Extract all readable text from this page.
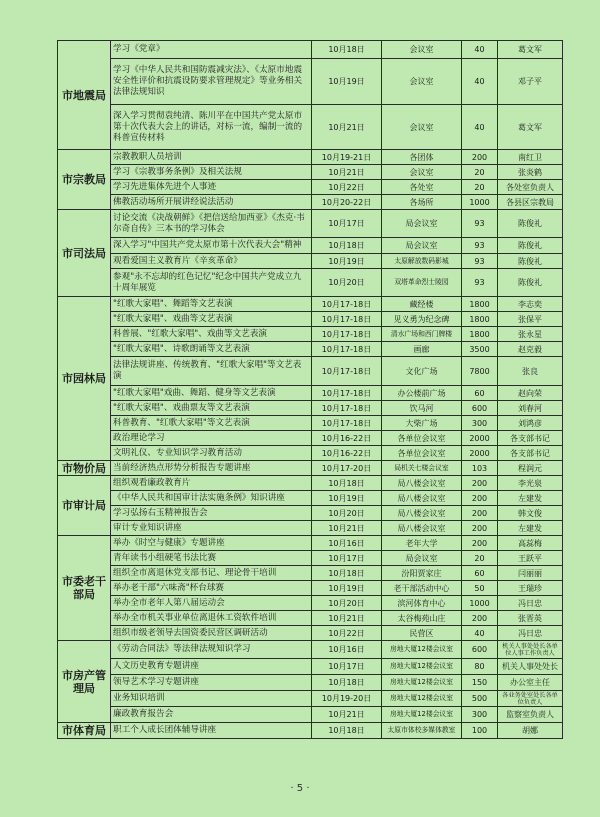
市地震局	学习《党章》	10月18日	会议室	40	葛文军
	学习《中华人民共和国防震减灾法》、《太原市地震安全性评价和抗震设防要求管理规定》等业务相关法律法规知识	10月19日	会议室	40	邓子平
	深入学习贯彻袁纯清、陈川平在中国共产党太原市第十次代表大会上的讲话，对标一流，编制一流的科普宣传材料	10月21日	会议室	40	葛文军
市宗教局	宗教教职人员培训	10月19-21日	各团体	200	南红卫
	学习《宗教事务条例》及相关法规	10月21日	会议室	20	张炎鹤
	学习先进集体先进个人事迹	10月22日	各处室	20	各处室负责人
	佛教活动场所开展讲经说法活动	10月20-22日	各场所	1000	各县区宗教局
市司法局	讨论交流《决战朝鲜》《把信送给加西亚》《杰克·韦尔奇自传》三本书的学习体会	10月17日	局会议室	93	陈俊礼
	深入学习"中国共产党太原市第十次代表大会"精神	10月18日	局会议室	93	陈俊礼
	观看爱国主义教育片《辛亥革命》	10月19日	太原解放数码影城	93	陈俊礼
	参观"永不忘却的红色记忆"纪念中国共产党成立九十周年展览	10月20日	双塔革命烈士陵园	93	陈俊礼
市园林局	"红歌大家唱"、舞蹈等文艺表演	10月17-18日	藏经楼	1800	李志奕
	"红歌大家唱"、戏曲等文艺表演	10月17-18日	见义勇为纪念碑	1800	张保平
	科普展、"红歌大家唱"、戏曲等文艺表演	10月17-18日	清水广场和西门牌楼	1800	张永星
	"红歌大家唱"、诗歌朗诵等文艺表演	10月17-18日	画廊	3500	赵克毅
	法律法规讲座、传统教育、"红歌大家唱"等文艺表演	10月17-18日	文化广场	7800	张良
	"红歌大家唱"戏曲、舞蹈、健身等文艺表演	10月17-18日	办公楼前广场	60	赵向荣
	"红歌大家唱"、戏曲票友等文艺表演	10月17-18日	饮马河	600	刘春河
	科普教育、"红歌大家唱"等文艺表演	10月17-18日	大柴广场	300	刘鸿彦
	政治理论学习	10月16-22日	各单位会议室	2000	各支部书记
	文明礼仪、专业知识学习教育活动	10月16-22日	各单位会议室	2000	各支部书记
市物价局	当前经济热点形势分析报告专题讲座	10月17-20日	局机关七楼会议室	103	程润元
市审计局	组织观看廉政教育片	10月18日	局八楼会议室	200	李光泉
	《中华人民共和国审计法实施条例》知识讲座	10月19日	局八楼会议室	200	左建发
	学习弘扬右玉精神报告会	10月20日	局八楼会议室	200	韩文俊
	审计专业知识讲座	10月21日	局八楼会议室	200	左建发
市委老干部局	举办《时空与健康》专题讲座	10月16日	老年大学	200	高蕊梅
	青年读书小组硬笔书法比赛	10月17日	局会议室	20	王跃平
	组织全市离退休党支部书记、理论骨干培训	10月18日	汾阳贾家庄	60	闫丽丽
	举办老干部"六味斋"杯台球赛	10月19日	老干部活动中心	50	王瑞珍
	举办全市老年人第八届运动会	10月20日	滨河体育中心	1000	冯日忠
	举办全市机关事业单位离退休工资软件培训	10月21日	太谷梅苑山庄	200	张晋英
	组织市级老领导去国资委民营区调研活动	10月22日	民营区	40	冯日忠
市房产管理局	《劳动合同法》等法律法规知识学习	10月16日	房地大厦12楼会议室	600	机关人事处处长各单位人事工作负责人
	人文历史教育专题讲座	10月17日	房地大厦12楼会议室	80	机关人事处处长
	领导艺术学习专题讲座	10月18日	房地大厦12楼会议室	150	办公室主任
	业务知识培训	10月19-20日	房地大厦12楼会议室	500	各业务处室处长各单位负责人
	廉政教育报告会	10月21日	房地大厦12楼会议室	300	监察室负责人
市体育局	职工个人成长团体辅导讲座	10月18日	太原市体校多媒体教室	100	胡娜
· 5 ·
